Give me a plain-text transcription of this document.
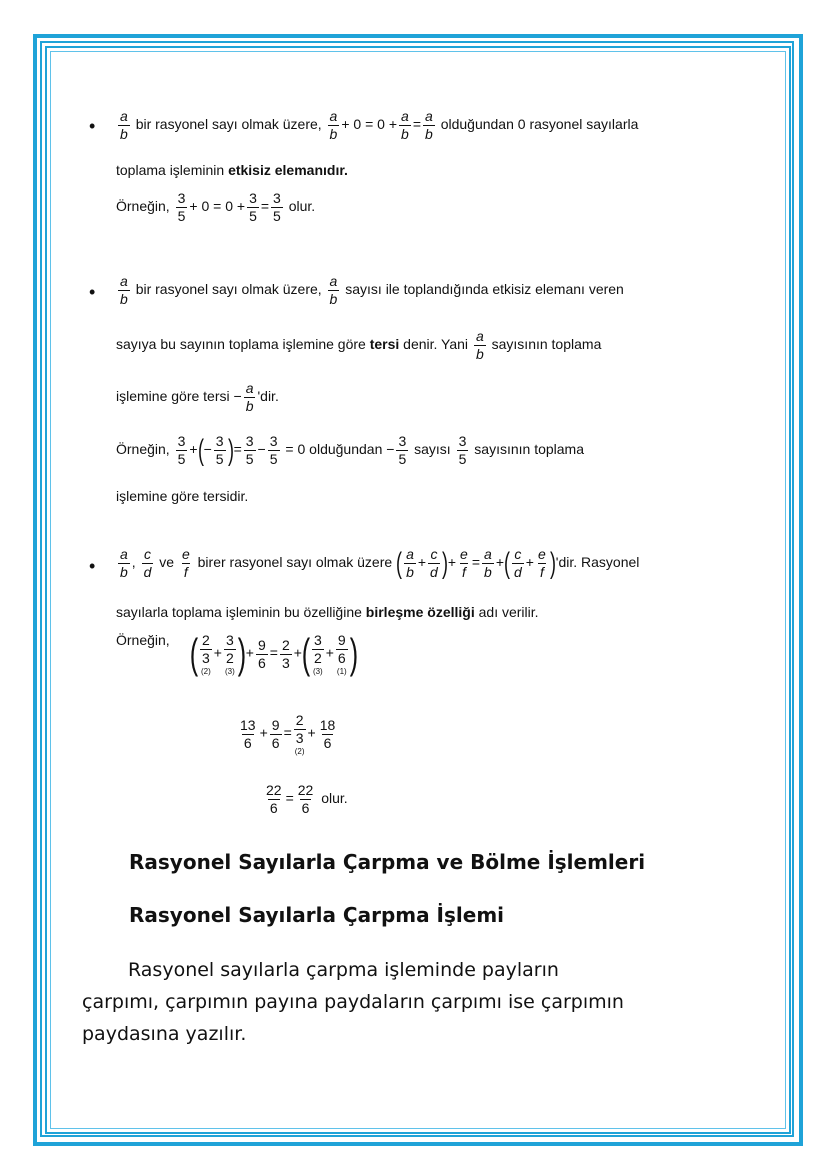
• $\frac{a}{b}$ bir rasyonel sayı olmak üzere, $\frac{a}{b} + 0 = 0 + \frac{a}{b} = \frac{a}{b}$ olduğundan 0 rasyonel sayılarla
toplama işleminin etkisiz elemanıdır.
Örneğin, $\frac{3}{5} + 0 = 0 + \frac{3}{5} = \frac{3}{5}$ olur.
• $\frac{a}{b}$ bir rasyonel sayı olmak üzere, $\frac{a}{b}$ sayısı ile toplandığında etkisiz elemanı veren
sayıya bu sayının toplama işlemine göre tersi denir. Yani $\frac{a}{b}$ sayısının toplama
işlemine göre tersi − $\frac{a}{b}$ 'dir.
Örneğin, $\frac{3}{5}$ +(− $\frac{3}{5}$ )= $\frac{3}{5} - \frac{3}{5} = 0$ olduğundan − $\frac{3}{5}$ sayısı $\frac{3}{5}$ sayısının toplama
işlemine göre tersidir.
• $\frac{a}{b}$ , $\frac{c}{d}$ ve $\frac{e}{f}$ birer rasyonel sayı olmak üzere ( $\frac{a}{b} + \frac{c}{d}$ )+ $\frac{e}{f} = \frac{a}{b}$ +( $\frac{c}{d} + \frac{e}{f} )'dir$. Rasyonel
sayılarla toplama işleminin bu özelliğine birleşme özelliği adı verilir.
Örneğin, ( 2
3
(2)
+
3
2
(3) )+ $\frac{9}{6} = \frac{2}{3}$ +( 3
2
(3)
+
9
6
(1) )
$\frac{13}{6} + \frac{9}{6}$ =
2
3
(2)
+ $\frac{18}{6}$
$\frac{22}{6} = \frac{22}{6}$ olur.
Rasyonel Sayılarla Çarpma ve Bölme İşlemleri
Rasyonel Sayılarla Çarpma İşlemi
Rasyonel sayılarla çarpma işleminde payların
çarpımı, çarpımın payına paydaların çarpımı ise çarpımın
paydasına yazılır.
